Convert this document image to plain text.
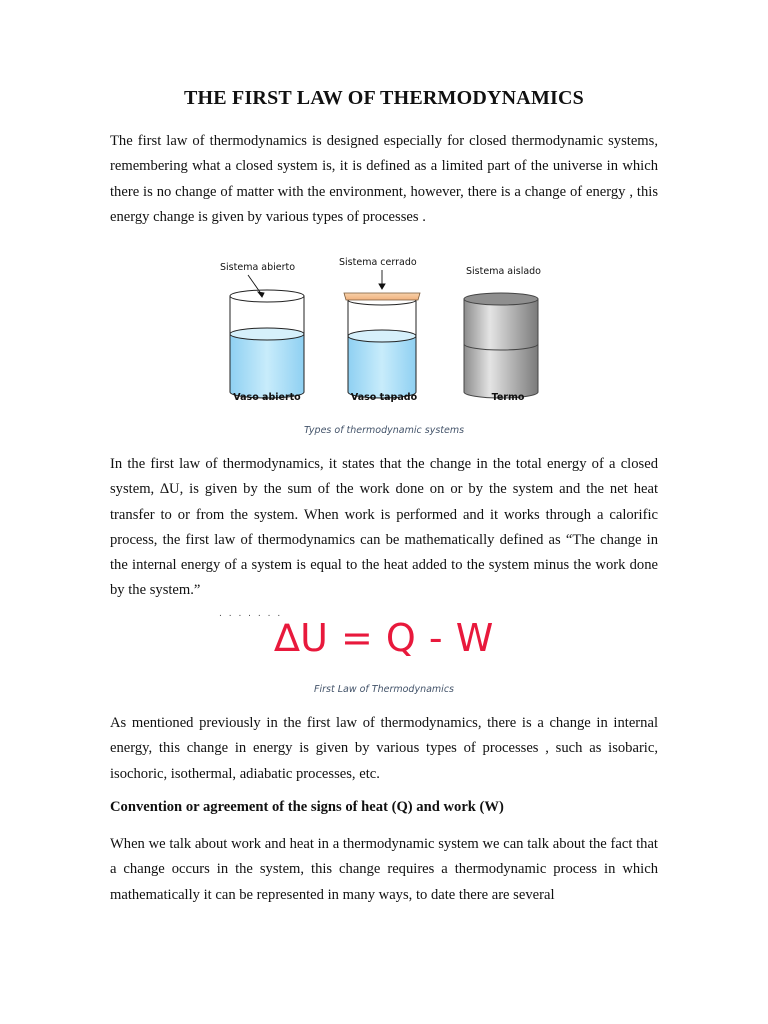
THE FIRST LAW OF THERMODYNAMICS

The first law of thermodynamics is designed especially for closed thermodynamic systems, remembering what a closed system is, it is defined as a limited part of the universe in which there is no change of matter with the environment, however, there is a change of energy , this energy change is given by various types of processes .

Sistema abierto	Sistema cerrado
Sistema aislado
Vaso abierto	Vaso tapado	Termo
Types of thermodynamic systems

In the first law of thermodynamics, it states that the change in the total energy of a closed system, ∆U, is given by the sum of the work done on or by the system and the net heat transfer to or from the system. When work is performed and it works through a calorific process, the first law of thermodynamics can be mathematically defined as “The change in the internal energy of a system is equal to the heat added to the system minus the work done by the system.”

. . . . . . .
∆U = Q - W
First Law of Thermodynamics

As mentioned previously in the first law of thermodynamics, there is a change in internal energy, this change in energy is given by various types of processes , such as isobaric, isochoric, isothermal, adiabatic processes, etc.

Convention or agreement of the signs of heat (Q) and work (W)

When we talk about work and heat in a thermodynamic system we can talk about the fact that a change occurs in the system, this change requires a thermodynamic process in which mathematically it can be represented in many ways, to date there are several
